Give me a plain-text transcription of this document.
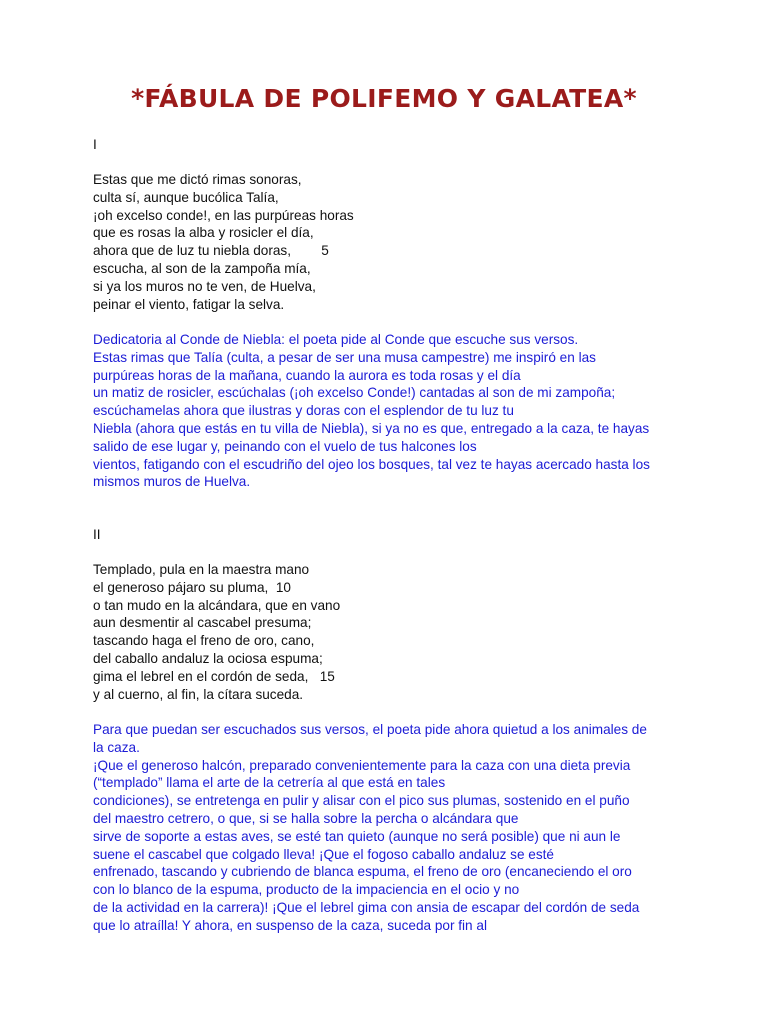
*FÁBULA DE POLIFEMO Y GALATEA*
I
Estas que me dictó rimas sonoras,
culta sí, aunque bucólica Talía,
¡oh excelso conde!, en las purpúreas horas
que es rosas la alba y rosicler el día,
ahora que de luz tu niebla doras,        5
escucha, al son de la zampoña mía,
si ya los muros no te ven, de Huelva,
peinar el viento, fatigar la selva.
Dedicatoria al Conde de Niebla: el poeta pide al Conde que escuche sus versos.
Estas rimas que Talía (culta, a pesar de ser una musa campestre) me inspiró en las
purpúreas horas de la mañana, cuando la aurora es toda rosas y el día
un matiz de rosicler, escúchalas (¡oh excelso Conde!) cantadas al son de mi zampoña;
escúchamelas ahora que ilustras y doras con el esplendor de tu luz tu
Niebla (ahora que estás en tu villa de Niebla), si ya no es que, entregado a la caza, te hayas
salido de ese lugar y, peinando con el vuelo de tus halcones los
vientos, fatigando con el escudriño del ojeo los bosques, tal vez te hayas acercado hasta los
mismos muros de Huelva.
II
Templado, pula en la maestra mano
el generoso pájaro su pluma,  10
o tan mudo en la alcándara, que en vano
aun desmentir al cascabel presuma;
tascando haga el freno de oro, cano,
del caballo andaluz la ociosa espuma;
gima el lebrel en el cordón de seda,   15
y al cuerno, al fin, la cítara suceda.
Para que puedan ser escuchados sus versos, el poeta pide ahora quietud a los animales de
la caza.
¡Que el generoso halcón, preparado convenientemente para la caza con una dieta previa
(“templado” llama el arte de la cetrería al que está en tales
condiciones), se entretenga en pulir y alisar con el pico sus plumas, sostenido en el puño
del maestro cetrero, o que, si se halla sobre la percha o alcándara que
sirve de soporte a estas aves, se esté tan quieto (aunque no será posible) que ni aun le
suene el cascabel que colgado lleva! ¡Que el fogoso caballo andaluz se esté
enfrenado, tascando y cubriendo de blanca espuma, el freno de oro (encaneciendo el oro
con lo blanco de la espuma, producto de la impaciencia en el ocio y no
de la actividad en la carrera)! ¡Que el lebrel gima con ansia de escapar del cordón de seda
que lo atraílla! Y ahora, en suspenso de la caza, suceda por fin al
